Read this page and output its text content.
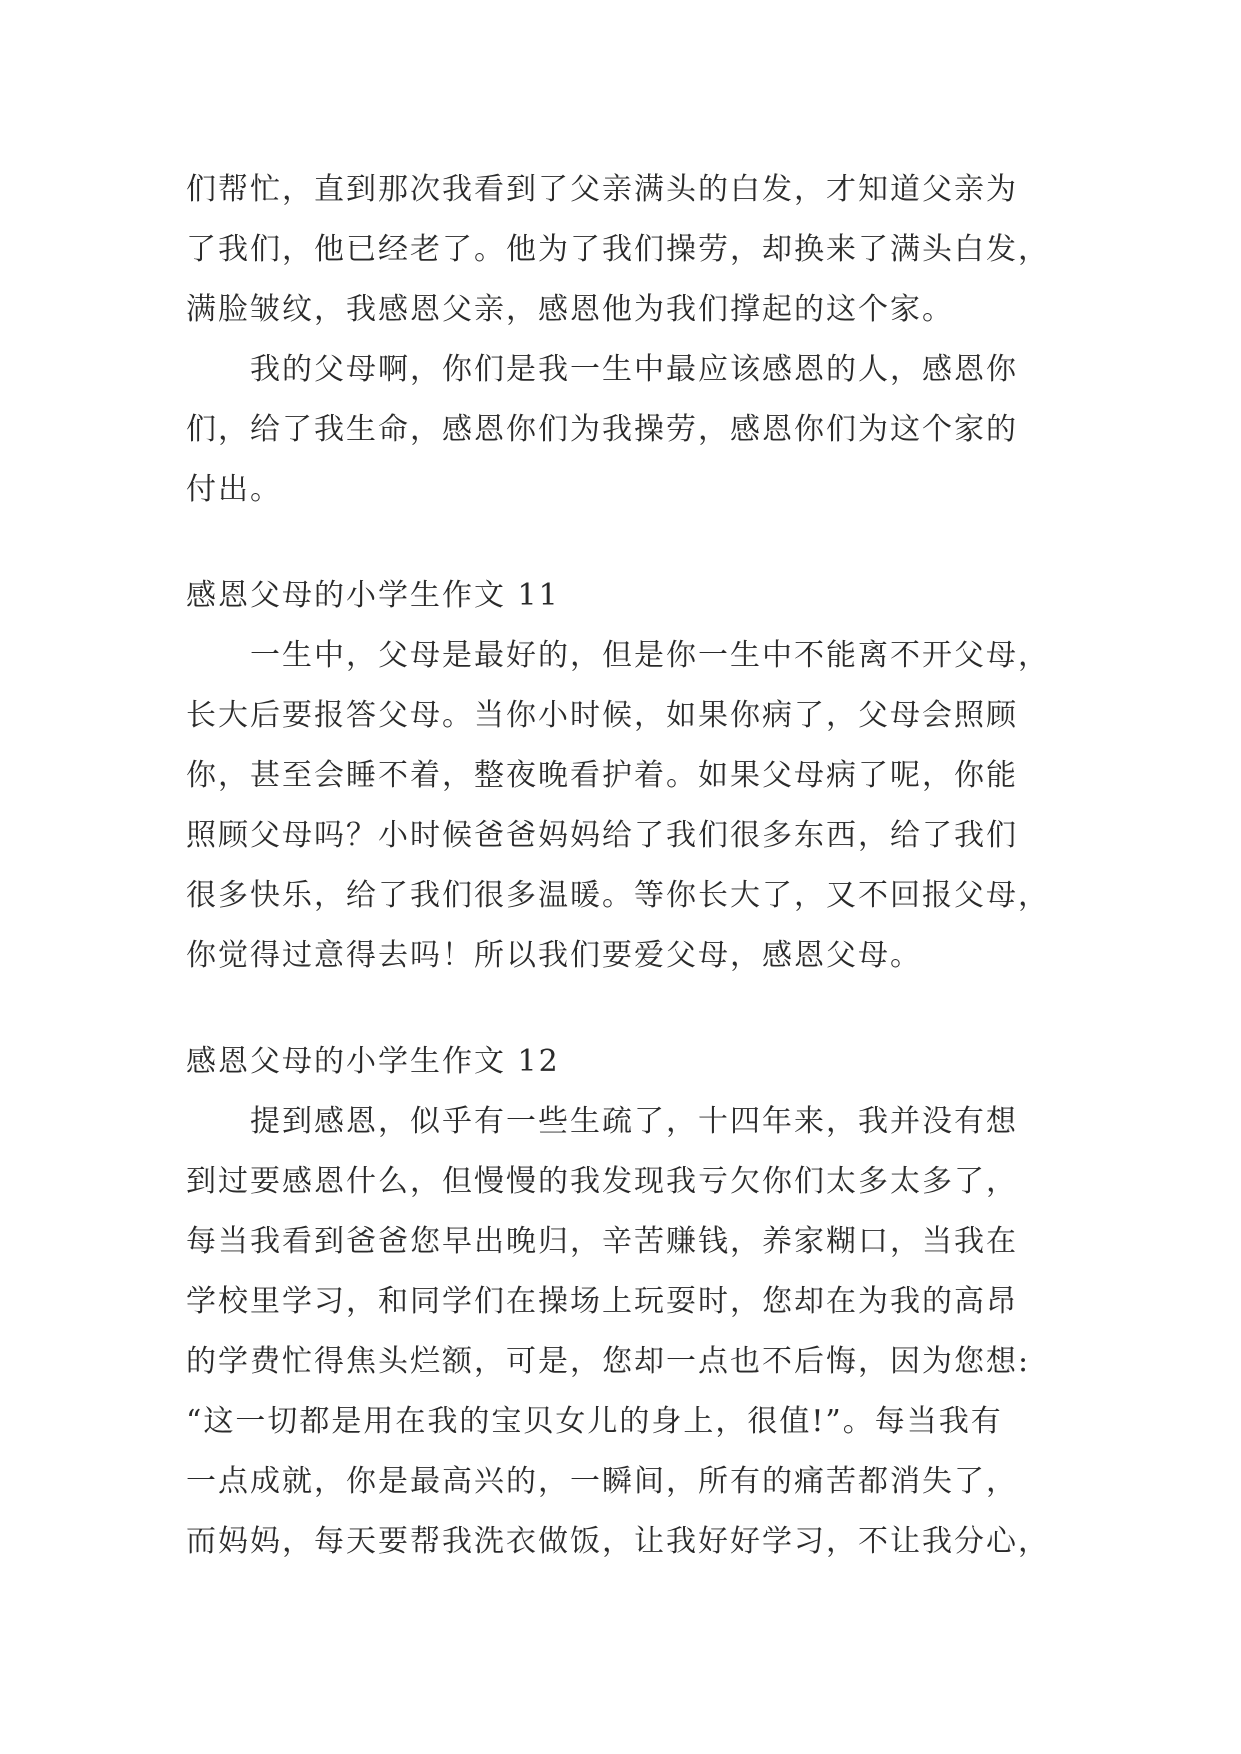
们帮忙，直到那次我看到了父亲满头的白发，才知道父亲为
了我们，他已经老了。他为了我们操劳，却换来了满头白发，
满脸皱纹，我感恩父亲，感恩他为我们撑起的这个家。
我的父母啊，你们是我一生中最应该感恩的人，感恩你
们，给了我生命，感恩你们为我操劳，感恩你们为这个家的
付出。
感恩父母的小学生作文 11
一生中，父母是最好的，但是你一生中不能离不开父母，
长大后要报答父母。当你小时候，如果你病了，父母会照顾
你，甚至会睡不着，整夜晚看护着。如果父母病了呢，你能
照顾父母吗？小时候爸爸妈妈给了我们很多东西，给了我们
很多快乐，给了我们很多温暖。等你长大了，又不回报父母，
你觉得过意得去吗！所以我们要爱父母，感恩父母。
感恩父母的小学生作文 12
提到感恩，似乎有一些生疏了，十四年来，我并没有想
到过要感恩什么，但慢慢的我发现我亏欠你们太多太多了，
每当我看到爸爸您早出晚归，辛苦赚钱，养家糊口，当我在
学校里学习，和同学们在操场上玩耍时，您却在为我的高昂
的学费忙得焦头烂额，可是，您却一点也不后悔，因为您想:
“这一切都是用在我的宝贝女儿的身上，很值!”。每当我有
一点成就，你是最高兴的，一瞬间，所有的痛苦都消失了，
而妈妈，每天要帮我洗衣做饭，让我好好学习，不让我分心，
